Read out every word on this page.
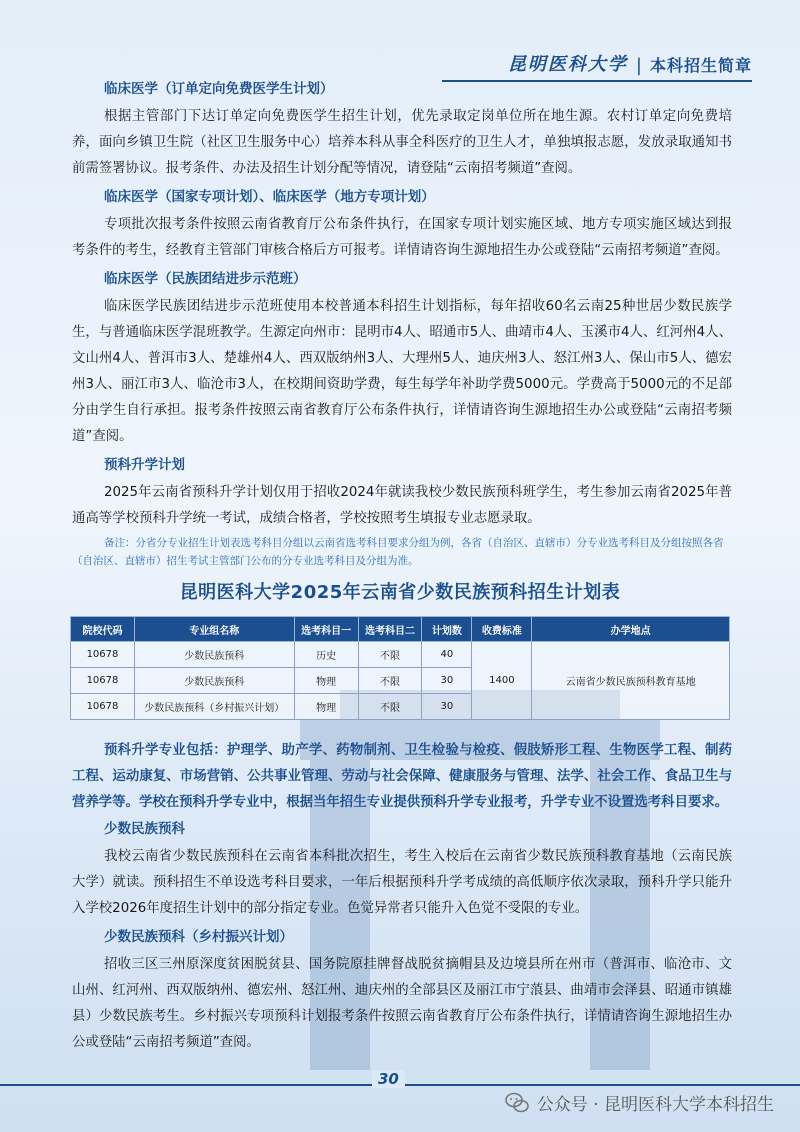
昆明医科大学 | 本科招生简章
临床医学（订单定向免费医学生计划）

根据主管部门下达订单定向免费医学生招生计划，优先录取定岗单位所在地生源。农村订单定向免费培养，面向乡镇卫生院（社区卫生服务中心）培养本科从事全科医疗的卫生人才，单独填报志愿，发放录取通知书前需签署协议。报考条件、办法及招生计划分配等情况，请登陆“云南招考频道”查阅。

临床医学（国家专项计划）、临床医学（地方专项计划）

专项批次报考条件按照云南省教育厅公布条件执行，在国家专项计划实施区域、地方专项实施区域达到报考条件的考生，经教育主管部门审核合格后方可报考。详情请咨询生源地招生办公或登陆“云南招考频道”查阅。

临床医学（民族团结进步示范班）

临床医学民族团结进步示范班使用本校普通本科招生计划指标，每年招收60名云南25种世居少数民族学生，与普通临床医学混班教学。生源定向州市：昆明市4人、昭通市5人、曲靖市4人、玉溪市4人、红河州4人、文山州4人、普洱市3人、楚雄州4人、西双版纳州3人、大理州5人、迪庆州3人、怒江州3人、保山市5人、德宏州3人、丽江市3人、临沧市3人，在校期间资助学费，每生每学年补助学费5000元。学费高于5000元的不足部分由学生自行承担。报考条件按照云南省教育厅公布条件执行，详情请咨询生源地招生办公或登陆“云南招考频道”查阅。

预科升学计划

2025年云南省预科升学计划仅用于招收2024年就读我校少数民族预科班学生，考生参加云南省2025年普通高等学校预科升学统一考试，成绩合格者，学校按照考生填报专业志愿录取。

备注：分省分专业招生计划表选考科目分组以云南省选考科目要求分组为例，各省（自治区、直辖市）分专业选考科目及分组按照各省（自治区、直辖市）招生考试主管部门公布的分专业选考科目及分组为准。

昆明医科大学2025年云南省少数民族预科招生计划表
院校代码	专业组名称	选考科目一	选考科目二	计划数	收费标准	办学地点
10678	少数民族预科	历史	不限	40	1400	云南省少数民族预科教育基地
10678	少数民族预科	物理	不限	30		
10678	少数民族预科（乡村振兴计划）	物理	不限	30		

预科升学专业包括：护理学、助产学、药物制剂、卫生检验与检疫、假肢矫形工程、生物医学工程、制药工程、运动康复、市场营销、公共事业管理、劳动与社会保障、健康服务与管理、法学、社会工作、食品卫生与营养学等。学校在预科升学专业中，根据当年招生专业提供预科升学专业报考，升学专业不设置选考科目要求。

少数民族预科

我校云南省少数民族预科在云南省本科批次招生，考生入校后在云南省少数民族预科教育基地（云南民族大学）就读。预科招生不单设选考科目要求，一年后根据预科升学考成绩的高低顺序依次录取，预科升学只能升入学校2026年度招生计划中的部分指定专业。色觉异常者只能升入色觉不受限的专业。

少数民族预科（乡村振兴计划）

招收三区三州原深度贫困脱贫县、国务院原挂牌督战脱贫摘帽县及边境县所在州市（普洱市、临沧市、文山州、红河州、西双版纳州、德宏州、怒江州、迪庆州的全部县区及丽江市宁蒗县、曲靖市会泽县、昭通市镇雄县）少数民族考生。乡村振兴专项预科计划报考条件按照云南省教育厅公布条件执行，详情请咨询生源地招生办公或登陆“云南招考频道”查阅。

30
公众号 · 昆明医科大学本科招生
